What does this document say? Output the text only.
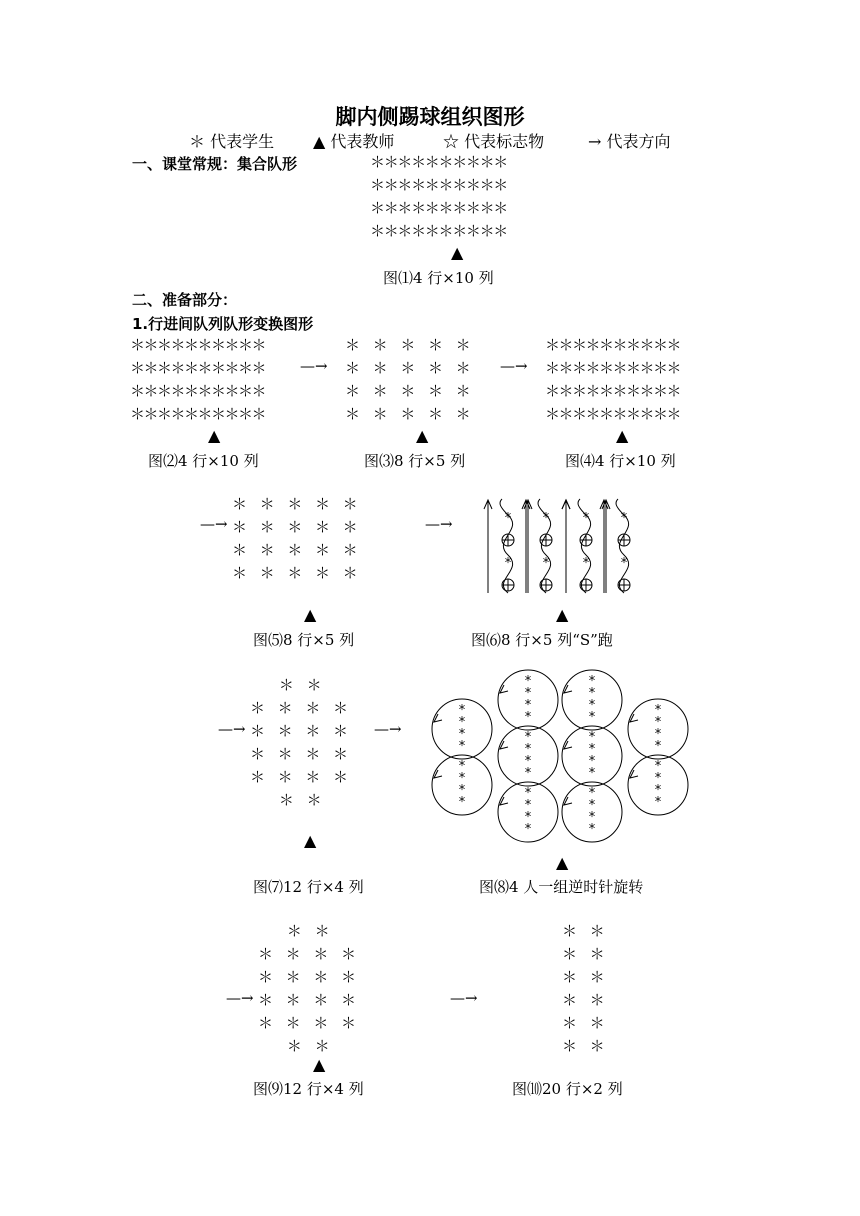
脚内侧踢球组织图形
＊ 代表学生 ▲ 代表教师	☆ 代表标志物	→ 代表方向
一、课堂常规：集合队形	＊＊＊＊＊＊＊＊＊＊
＊＊＊＊＊＊＊＊＊＊
＊＊＊＊＊＊＊＊＊＊
＊＊＊＊＊＊＊＊＊＊
▲
图⑴4 行×10 列
二、准备部分：
1.行进间队列队形变换图形
＊＊＊＊＊＊＊＊＊＊
＊＊＊＊＊＊＊＊＊＊
＊＊＊＊＊＊＊＊＊＊
＊＊＊＊＊＊＊＊＊＊
—→
＊  ＊  ＊  ＊  ＊
＊  ＊  ＊  ＊  ＊
＊  ＊  ＊  ＊  ＊
＊  ＊  ＊  ＊  ＊
—→
＊＊＊＊＊＊＊＊＊＊
＊＊＊＊＊＊＊＊＊＊
＊＊＊＊＊＊＊＊＊＊
＊＊＊＊＊＊＊＊＊＊
▲	▲	▲
图⑵4 行×10 列	图⑶8 行×5 列	图⑷4 行×10 列
—→
＊  ＊  ＊  ＊  ＊
＊  ＊  ＊  ＊  ＊
＊  ＊  ＊  ＊  ＊
＊  ＊  ＊  ＊  ＊
—→	*
*
*
*
*
*
*
*
▲	▲
图⑸8 行×5 列	图⑹8 行×5 列“S”跑
—→
＊  ＊
＊  ＊  ＊  ＊
＊  ＊  ＊  ＊
＊  ＊  ＊  ＊
＊  ＊  ＊  ＊
＊  ＊
—→
*
*
*
*
*
*
*
*
*
*
*
*
*
*
*
*
*
*
*
*
*
*
*
*
*
*
*
*
*
*
*
*
*
*
*
*
*
*
*
*
▲
▲
图⑺12 行×4 列	图⑻4 人一组逆时针旋转
—→
＊  ＊
＊  ＊  ＊  ＊
＊  ＊  ＊  ＊
＊  ＊  ＊  ＊
＊  ＊  ＊  ＊
＊  ＊
—→
＊  ＊
＊  ＊
＊  ＊
＊  ＊
＊  ＊
＊  ＊
▲
图⑼12 行×4 列	图⑽20 行×2 列
